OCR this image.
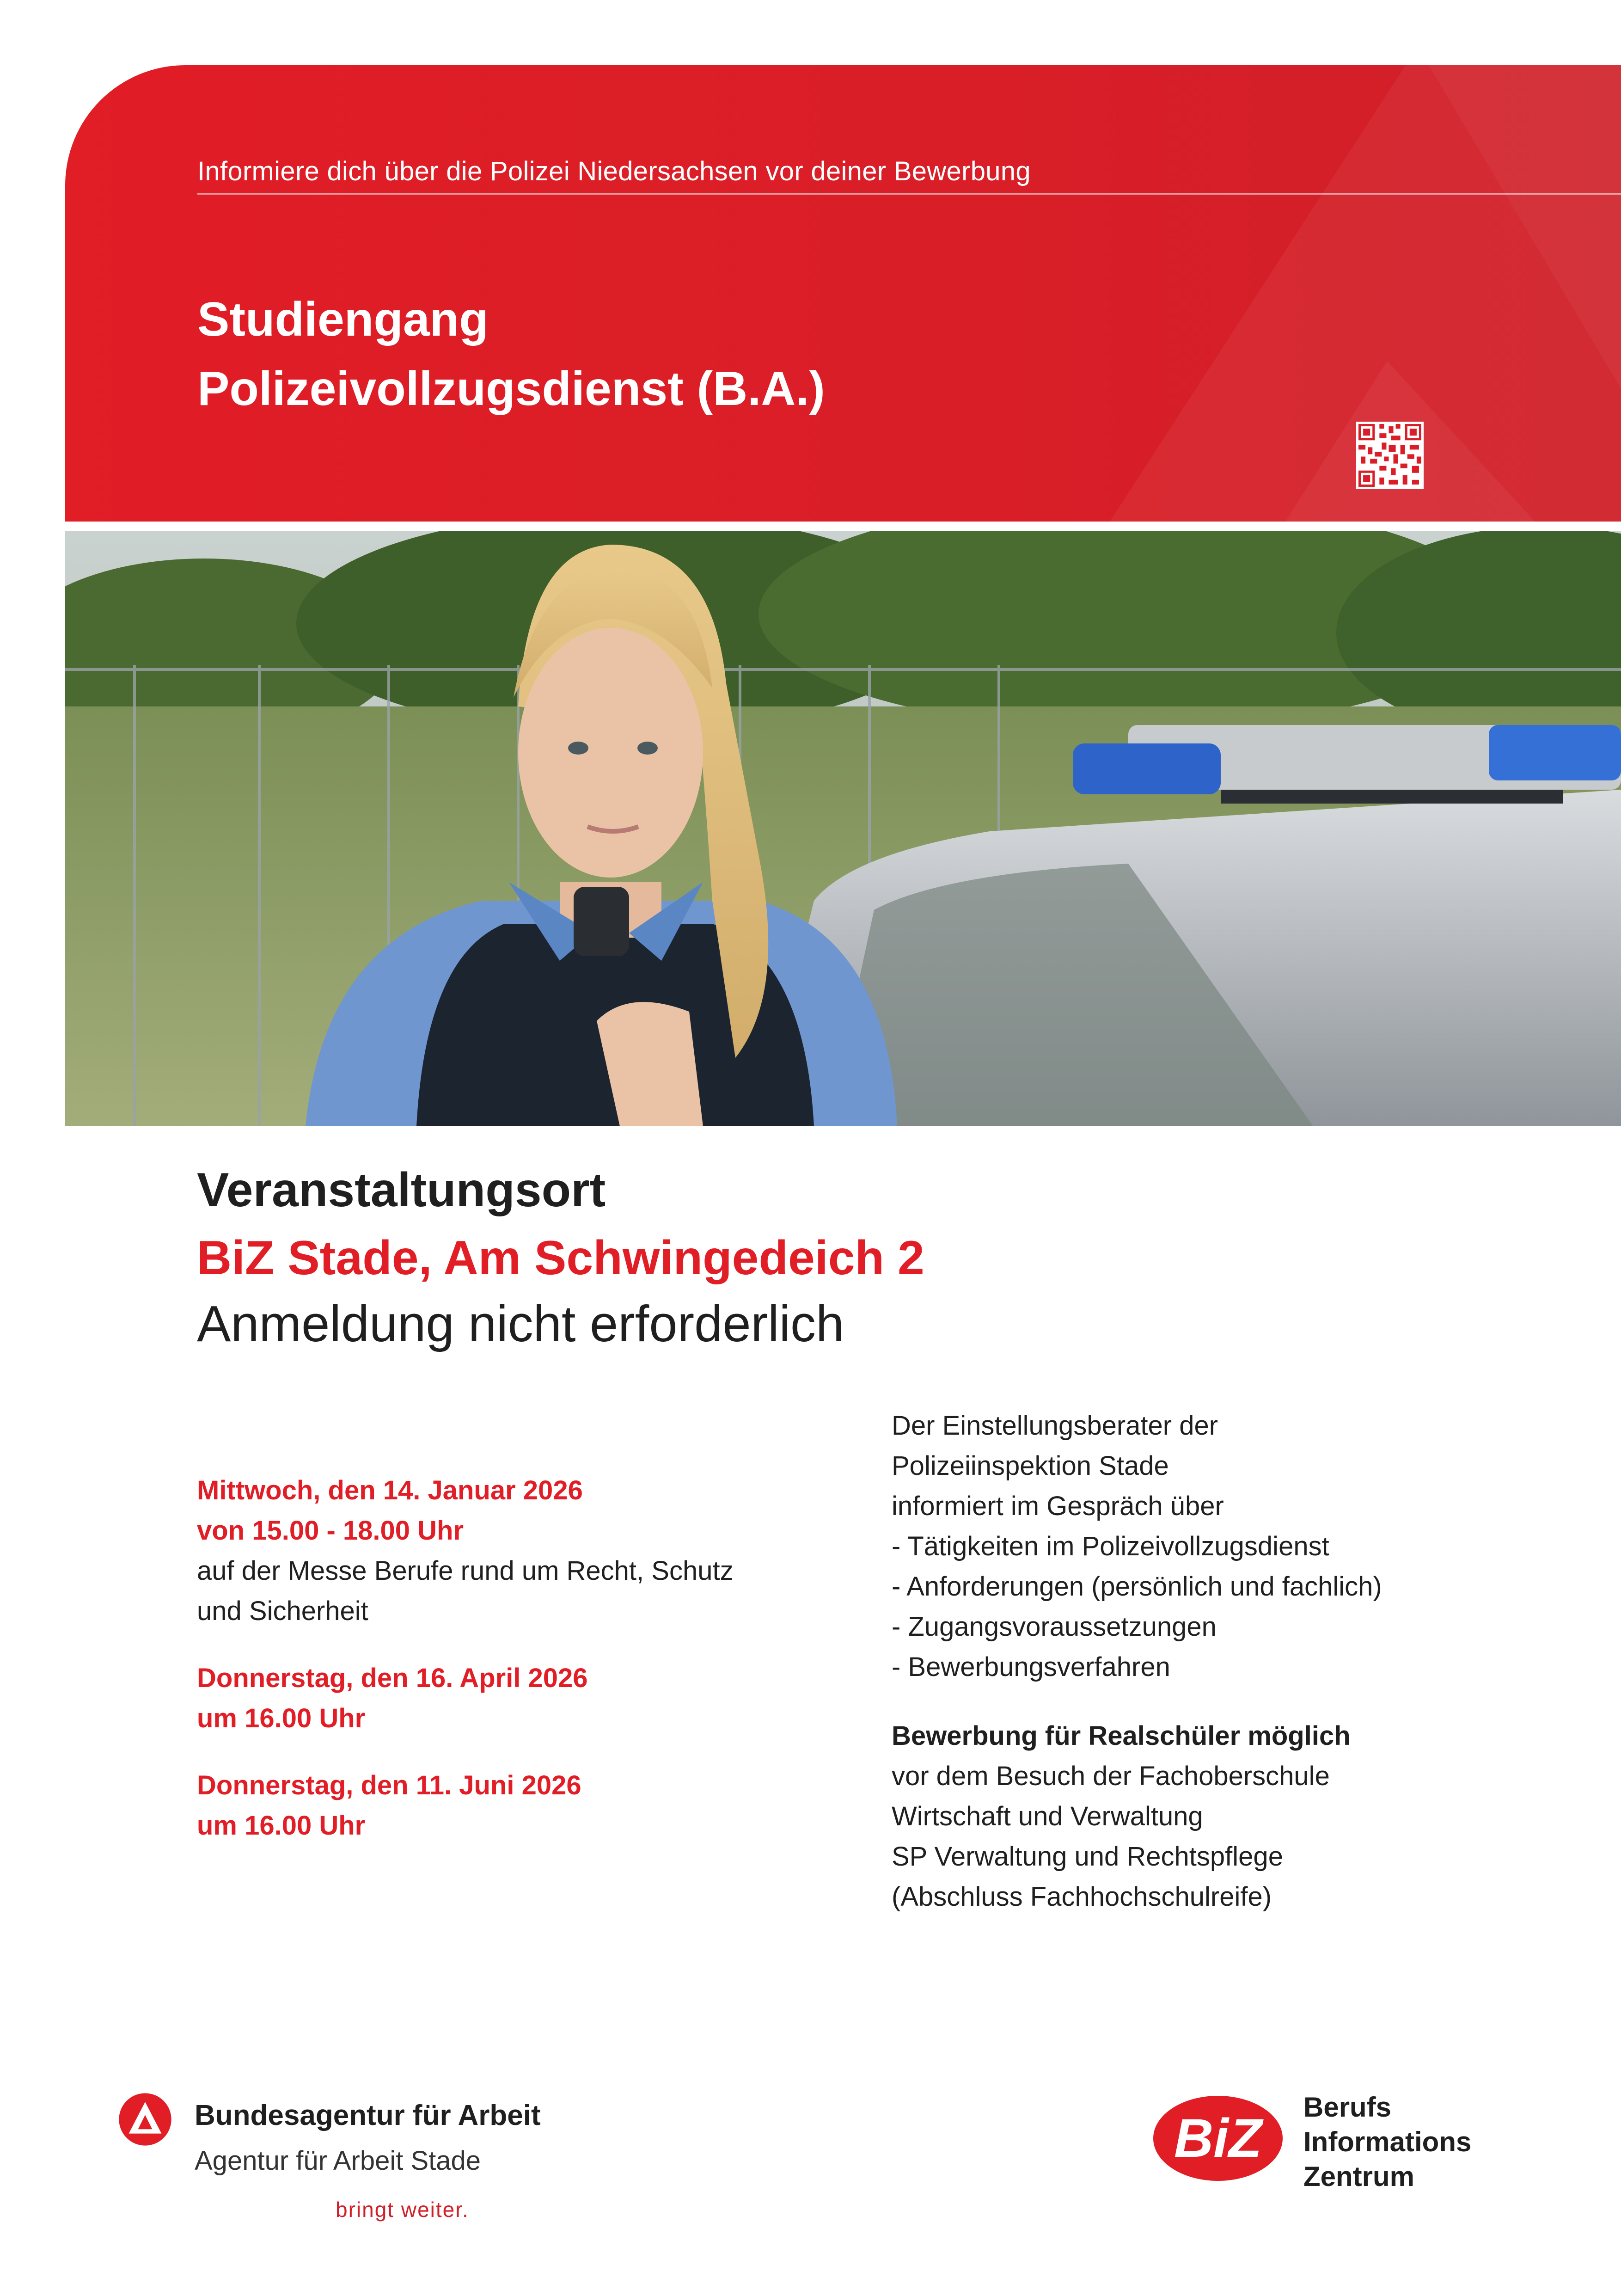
Informiere dich über die Polizei Niedersachsen vor deiner Bewerbung
Studiengang
Polizeivollzugsdienst (B.A.)
Veranstaltungsort
BiZ Stade, Am Schwingedeich 2
Anmeldung nicht erforderlich
Mittwoch, den 14. Januar 2026
von 15.00 - 18.00 Uhr
auf der Messe Berufe rund um Recht, Schutz
und Sicherheit
Donnerstag, den 16. April 2026
um 16.00 Uhr
Donnerstag, den 11. Juni 2026
um 16.00 Uhr
Der Einstellungsberater der
Polizeiinspektion Stade
informiert im Gespräch über
- Tätigkeiten im Polizeivollzugsdienst
- Anforderungen (persönlich und fachlich)
- Zugangsvoraussetzungen
- Bewerbungsverfahren
Bewerbung für Realschüler möglich
vor dem Besuch der Fachoberschule
Wirtschaft und Verwaltung
SP Verwaltung und Rechtspflege
(Abschluss Fachhochschulreife)
Bundesagentur für Arbeit
Agentur für Arbeit Stade
bringt weiter.
BiZ
Berufs
Informations
Zentrum
